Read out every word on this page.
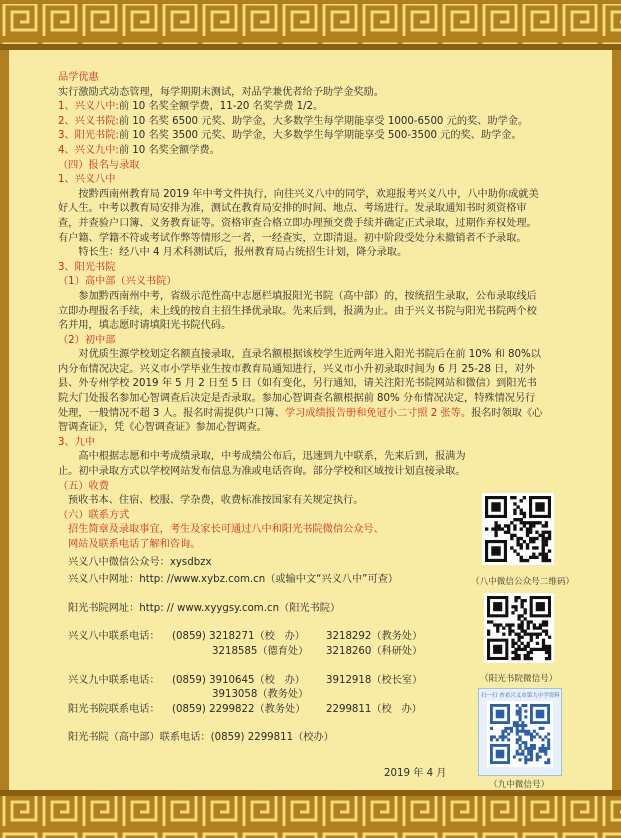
品学优惠

实行激励式动态管理，每学期期末测试，对品学兼优者给予助学金奖励。

1、兴义八中:前 10 名奖全额学费，11-20 名奖学费 1/2。

2、兴义书院:前 10 名奖 6500 元奖、助学金，大多数学生每学期能享受 1000-6500 元的奖、助学金。

3、阳光书院:前 10 名奖 3500 元奖、助学金，大多数学生每学期能享受 500-3500 元的奖、助学金。

4、兴义九中:前 10 名奖全额学费。

（四）报名与录取

1、兴义八中

按黔西南州教育局 2019 年中考文件执行，向往兴义八中的同学，欢迎报考兴义八中，八中助你成就美好人生。中考以教育局安排为准，测试在教育局安排的时间、地点、考场进行。发录取通知书时须资格审查，并查验户口簿、义务教育证等。资格审查合格立即办理预交费手续并确定正式录取，过期作弃权处理。有户籍、学籍不符或考试作弊等情形之一者，一经查实，立即清退。初中阶段受处分未撤销者不予录取。

特长生：经八中 4 月术科测试后，报州教育局占统招生计划，降分录取。

3、阳光书院

（1）高中部（兴义书院）

参加黔西南州中考，省级示范性高中志愿栏填报阳光书院（高中部）的，按统招生录取，公布录取线后立即办理报名手续，未上线的按自主招生择优录取。先来后到，报满为止。由于兴义书院与阳光书院两个校名并用，填志愿时请填阳光书院代码。

（2）初中部

对优质生源学校划定名额直接录取，直录名额根据该校学生近两年进入阳光书院后在前 10% 和 80%以内分布情况决定。兴义市小学毕业生按市教育局通知进行，兴义市小升初录取时间为 6 月 25-28 日，对外县、外专州学校 2019 年 5 月 2 日至 5 日（如有变化，另行通知，请关注阳光书院网站和微信）到阳光书院大门处报名参加心智调查后决定是否录取。参加心智调查名额根据前 80% 分布情况决定，特殊情况另行处理，一般情况不超 3 人。报名时需提供户口簿、学习成绩报告册和免冠小二寸照 2 张等。报名时领取《心智调查证》，凭《心智调查证》参加心智调查。

3、九中

高中根据志愿和中考成绩录取，中考成绩公布后，迅速到九中联系，先来后到，报满为止。初中录取方式以学校网站发布信息为准或电话咨询。部分学校和区域按计划直接录取。

（五）收费

预收书本、住宿、校服、学杂费，收费标准按国家有关规定执行。

（六）联系方式

招生简章及录取事宜，考生及家长可通过八中和阳光书院微信公众号、

网站及联系电话了解和咨询。

兴义八中微信公众号：xysdbzx

兴义八中网址：http: //www.xybz.com.cn（或输中文“兴义八中”可查）

阳光书院网址：http: // www.xyygsy.com.cn（阳光书院）

兴义八中联系电话：	(0859) 3218271（校   办）	3218292（教务处）
3218585（德育处）	3218260（科研处）
兴义九中联系电话：	(0859) 3910645（校   办）	3912918（校长室）
3913058（教务处）
阳光书院联系电话：	(0859) 2299822（教务处）	2299811（校   办）
阳光书院（高中部）联系电话： (0859) 2299811（校办）
2019 年 4 月
（八中微信公众号二维码）
（阳光书院微信号）
扫一扫 查看兴义市第九中学资料
（九中微信号）
